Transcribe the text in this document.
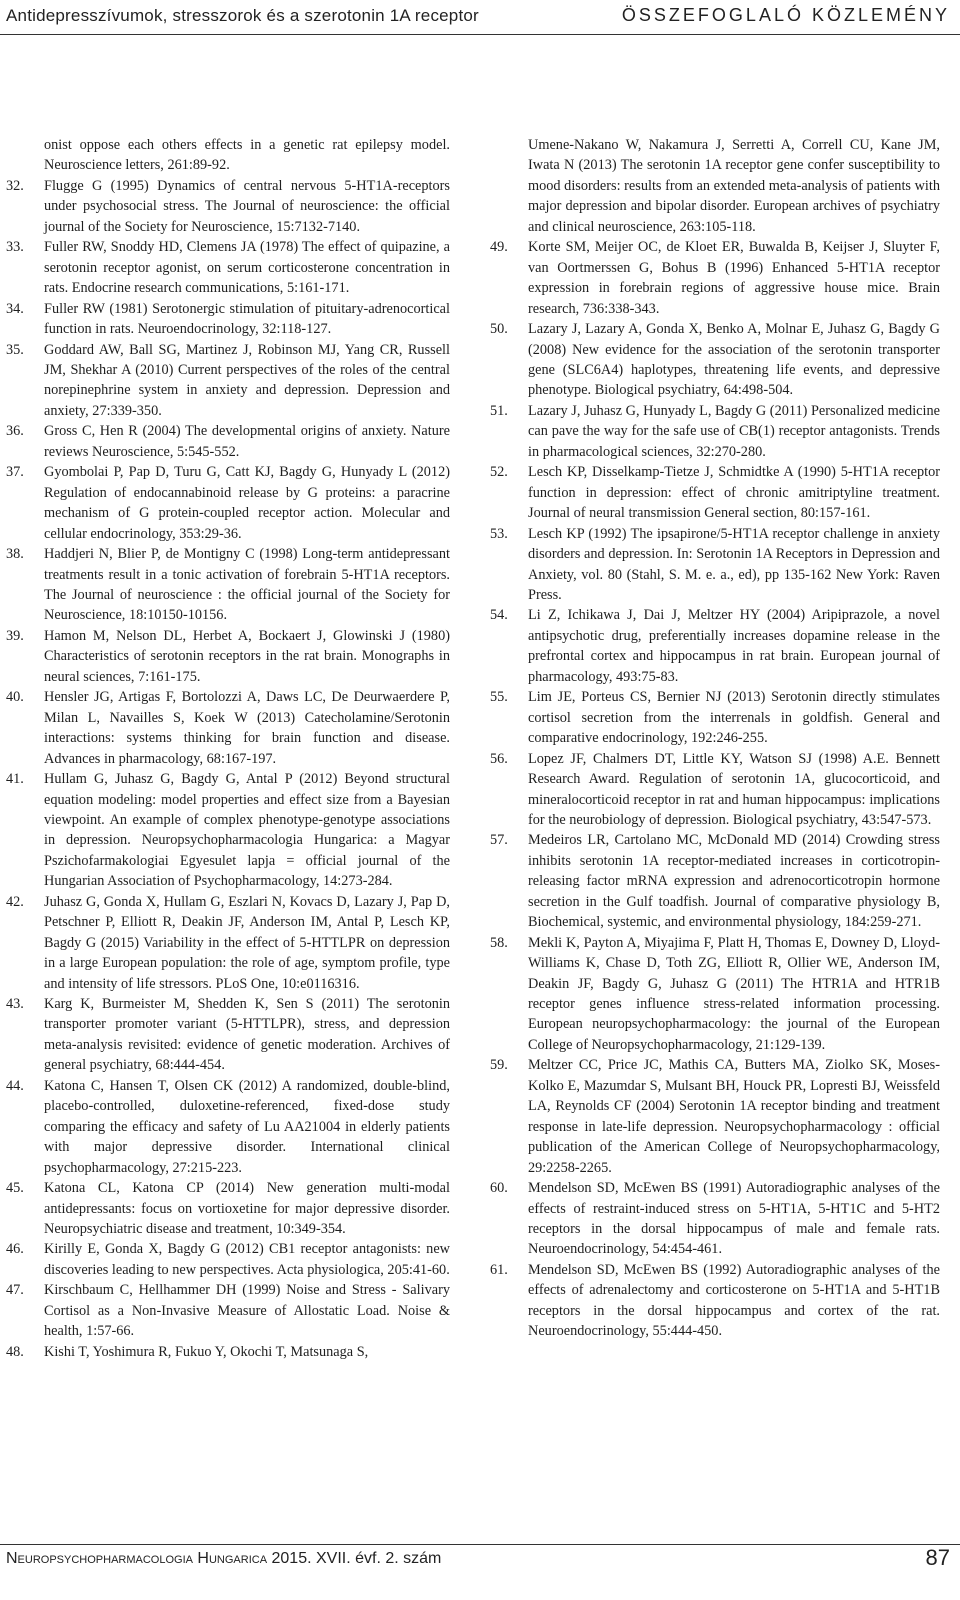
Antidepresszívumok, stresszorok és a szerotonin 1A receptor	ÖSSZEFOGLALÓ KÖZLEMÉNY
onist oppose each others effects in a genetic rat epilepsy model. Neuroscience letters, 261:89-92.
32.	Flugge G (1995) Dynamics of central nervous 5-HT1A-receptors under psychosocial stress. The Journal of neuroscience: the official journal of the Society for Neuroscience, 15:7132-7140.
33.	Fuller RW, Snoddy HD, Clemens JA (1978) The effect of quipazine, a serotonin receptor agonist, on serum corticosterone concentration in rats. Endocrine research communications, 5:161-171.
34.	Fuller RW (1981) Serotonergic stimulation of pituitary-adrenocortical function in rats. Neuroendocrinology, 32:118-127.
35.	Goddard AW, Ball SG, Martinez J, Robinson MJ, Yang CR, Russell JM, Shekhar A (2010) Current perspectives of the roles of the central norepinephrine system in anxiety and depression. Depression and anxiety, 27:339-350.
36.	Gross C, Hen R (2004) The developmental origins of anxiety. Nature reviews Neuroscience, 5:545-552.
37.	Gyombolai P, Pap D, Turu G, Catt KJ, Bagdy G, Hunyady L (2012) Regulation of endocannabinoid release by G proteins: a paracrine mechanism of G protein-coupled receptor action. Molecular and cellular endocrinology, 353:29-36.
38.	Haddjeri N, Blier P, de Montigny C (1998) Long-term antidepressant treatments result in a tonic activation of forebrain 5-HT1A receptors. The Journal of neuroscience : the official journal of the Society for Neuroscience, 18:10150-10156.
39.	Hamon M, Nelson DL, Herbet A, Bockaert J, Glowinski J (1980) Characteristics of serotonin receptors in the rat brain. Monographs in neural sciences, 7:161-175.
40.	Hensler JG, Artigas F, Bortolozzi A, Daws LC, De Deurwaerdere P, Milan L, Navailles S, Koek W (2013) Catecholamine/Serotonin interactions: systems thinking for brain function and disease. Advances in pharmacology, 68:167-197.
41.	Hullam G, Juhasz G, Bagdy G, Antal P (2012) Beyond structural equation modeling: model properties and effect size from a Bayesian viewpoint. An example of complex phenotype-genotype associations in depression. Neuropsychopharmacologia Hungarica: a Magyar Pszichofarmakologiai Egyesulet lapja = official journal of the Hungarian Association of Psychopharmacology, 14:273-284.
42.	Juhasz G, Gonda X, Hullam G, Eszlari N, Kovacs D, Lazary J, Pap D, Petschner P, Elliott R, Deakin JF, Anderson IM, Antal P, Lesch KP, Bagdy G (2015) Variability in the effect of 5-HTTLPR on depression in a large European population: the role of age, symptom profile, type and intensity of life stressors. PLoS One, 10:e0116316.
43.	Karg K, Burmeister M, Shedden K, Sen S (2011) The serotonin transporter promoter variant (5-HTTLPR), stress, and depression meta-analysis revisited: evidence of genetic moderation. Archives of general psychiatry, 68:444-454.
44.	Katona C, Hansen T, Olsen CK (2012) A randomized, double-blind, placebo-controlled, duloxetine-referenced, fixed-dose study comparing the efficacy and safety of Lu AA21004 in elderly patients with major depressive disorder. International clinical psychopharmacology, 27:215-223.
45.	Katona CL, Katona CP (2014) New generation multi-modal antidepressants: focus on vortioxetine for major depressive disorder. Neuropsychiatric disease and treatment, 10:349-354.
46.	Kirilly E, Gonda X, Bagdy G (2012) CB1 receptor antagonists: new discoveries leading to new perspectives. Acta physiologica, 205:41-60.
47.	Kirschbaum C, Hellhammer DH (1999) Noise and Stress - Salivary Cortisol as a Non-Invasive Measure of Allostatic Load. Noise & health, 1:57-66.
48.	Kishi T, Yoshimura R, Fukuo Y, Okochi T, Matsunaga S,
Umene-Nakano W, Nakamura J, Serretti A, Correll CU, Kane JM, Iwata N (2013) The serotonin 1A receptor gene confer susceptibility to mood disorders: results from an extended meta-analysis of patients with major depression and bipolar disorder. European archives of psychiatry and clinical neuroscience, 263:105-118.
49.	Korte SM, Meijer OC, de Kloet ER, Buwalda B, Keijser J, Sluyter F, van Oortmerssen G, Bohus B (1996) Enhanced 5-HT1A receptor expression in forebrain regions of aggressive house mice. Brain research, 736:338-343.
50.	Lazary J, Lazary A, Gonda X, Benko A, Molnar E, Juhasz G, Bagdy G (2008) New evidence for the association of the serotonin transporter gene (SLC6A4) haplotypes, threatening life events, and depressive phenotype. Biological psychiatry, 64:498-504.
51.	Lazary J, Juhasz G, Hunyady L, Bagdy G (2011) Personalized medicine can pave the way for the safe use of CB(1) receptor antagonists. Trends in pharmacological sciences, 32:270-280.
52.	Lesch KP, Disselkamp-Tietze J, Schmidtke A (1990) 5-HT1A receptor function in depression: effect of chronic amitriptyline treatment. Journal of neural transmission General section, 80:157-161.
53.	Lesch KP (1992) The ipsapirone/5-HT1A receptor challenge in anxiety disorders and depression. In: Serotonin 1A Receptors in Depression and Anxiety, vol. 80 (Stahl, S. M. e. a., ed), pp 135-162 New York: Raven Press.
54.	Li Z, Ichikawa J, Dai J, Meltzer HY (2004) Aripiprazole, a novel antipsychotic drug, preferentially increases dopamine release in the prefrontal cortex and hippocampus in rat brain. European journal of pharmacology, 493:75-83.
55.	Lim JE, Porteus CS, Bernier NJ (2013) Serotonin directly stimulates cortisol secretion from the interrenals in goldfish. General and comparative endocrinology, 192:246-255.
56.	Lopez JF, Chalmers DT, Little KY, Watson SJ (1998) A.E. Bennett Research Award. Regulation of serotonin 1A, glucocorticoid, and mineralocorticoid receptor in rat and human hippocampus: implications for the neurobiology of depression. Biological psychiatry, 43:547-573.
57.	Medeiros LR, Cartolano MC, McDonald MD (2014) Crowding stress inhibits serotonin 1A receptor-mediated increases in corticotropin-releasing factor mRNA expression and adrenocorticotropin hormone secretion in the Gulf toadfish. Journal of comparative physiology B, Biochemical, systemic, and environmental physiology, 184:259-271.
58.	Mekli K, Payton A, Miyajima F, Platt H, Thomas E, Downey D, Lloyd-Williams K, Chase D, Toth ZG, Elliott R, Ollier WE, Anderson IM, Deakin JF, Bagdy G, Juhasz G (2011) The HTR1A and HTR1B receptor genes influence stress-related information processing. European neuropsychopharmacology: the journal of the European College of Neuropsychopharmacology, 21:129-139.
59.	Meltzer CC, Price JC, Mathis CA, Butters MA, Ziolko SK, Moses-Kolko E, Mazumdar S, Mulsant BH, Houck PR, Lopresti BJ, Weissfeld LA, Reynolds CF (2004) Serotonin 1A receptor binding and treatment response in late-life depression. Neuropsychopharmacology : official publication of the American College of Neuropsychopharmacology, 29:2258-2265.
60.	Mendelson SD, McEwen BS (1991) Autoradiographic analyses of the effects of restraint-induced stress on 5-HT1A, 5-HT1C and 5-HT2 receptors in the dorsal hippocampus of male and female rats. Neuroendocrinology, 54:454-461.
61.	Mendelson SD, McEwen BS (1992) Autoradiographic analyses of the effects of adrenalectomy and corticosterone on 5-HT1A and 5-HT1B receptors in the dorsal hippocampus and cortex of the rat. Neuroendocrinology, 55:444-450.
Neuropsychopharmacologia Hungarica 2015. XVII. évf. 2. szám	87
